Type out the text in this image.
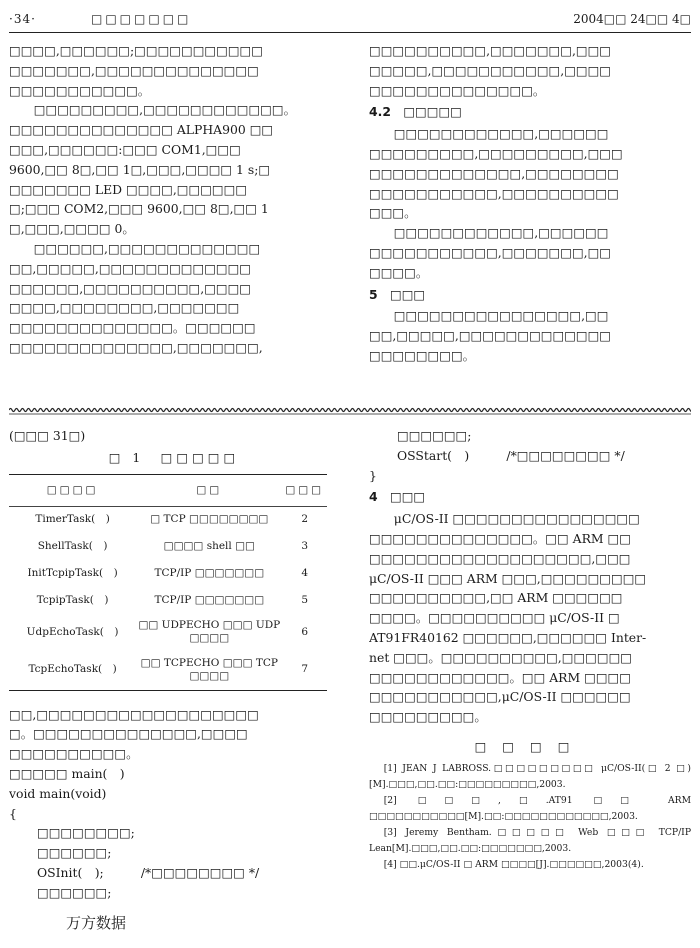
·34·	□□□□□□□	2004□□ 24□□ 4□
□□□□,□□□□□□;□□□□□□□□□□□
□□□□□□□,□□□□□□□□□□□□□□
□□□□□□□□□□□。
　　□□□□□□□□□,□□□□□□□□□□□□。
□□□□□□□□□□□□□□ ALPHA900 □□
□□□,□□□□□□:□□□ COM1,□□□
9600,□□ 8□,□□ 1□,□□□,□□□□ 1 s;□
□□□□□□□ LED □□□□,□□□□□□
□;□□□ COM2,□□□ 9600,□□ 8□,□□ 1
□,□□□,□□□□ 0。
　　□□□□□□,□□□□□□□□□□□□□
□□,□□□□□,□□□□□□□□□□□□□
□□□□□□,□□□□□□□□□□,□□□□
□□□□,□□□□□□□□,□□□□□□□
□□□□□□□□□□□□□□。□□□□□□
□□□□□□□□□□□□□□,□□□□□□□,
□□□□□□□□□□,□□□□□□□,□□□
□□□□□,□□□□□□□□□□□,□□□□
□□□□□□□□□□□□□□。
4.2　□□□□□
　　□□□□□□□□□□□□,□□□□□□
□□□□□□□□□,□□□□□□□□□,□□□
□□□□□□□□□□□□□,□□□□□□□□
□□□□□□□□□□□,□□□□□□□□□□
□□□。
　　□□□□□□□□□□□□,□□□□□□
□□□□□□□□□□□,□□□□□□□,□□
□□□□。
5　□□□
　　□□□□□□□□□□□□□□□□,□□
□□,□□□□□,□□□□□□□□□□□□□
□□□□□□□□。
(□□□ 31□)
□ 1　□□□□□
□□□□	□□	□□□
TimerTask(　)	□ TCP □□□□□□□□	2
ShellTask(　)	□□□□ shell □□	3
InitTcpipTask(　)	TCP/IP □□□□□□□	4
TcpipTask(　)	TCP/IP □□□□□□□	5
UdpEchoTask(　)	□□ UDPECHO □□□ UDP □□□□	6
TcpEchoTask(　)	□□ TCPECHO □□□ TCP □□□□	7
□□,□□□□□□□□□□□□□□□□□□□
□。□□□□□□□□□□□□□□,□□□□
□□□□□□□□□□。
□□□□□ main(　)
void main(void)
{
□□□□□□□□;
□□□□□□;
OSInit(　);　　　/*□□□□□□□□ */
□□□□□□;
□□□□□□;
OSStart(　)　　　/*□□□□□□□□ */
}
4　□□□
　　μC/OS-II □□□□□□□□□□□□□□□□
□□□□□□□□□□□□□□。□□ ARM □□
□□□□□□□□□□□□□□□□□□□,□□□
μC/OS-II □□□ ARM □□□,□□□□□□□□□
□□□□□□□□□□,□□ ARM □□□□□□
□□□□。□□□□□□□□□□ μC/OS-II □
AT91FR40162 □□□□□□,□□□□□□ Inter-
net □□□。□□□□□□□□□□,□□□□□□
□□□□□□□□□□□□。□□ ARM □□□□
□□□□□□□□□□□,μC/OS-II □□□□□□
□□□□□□□□□。
□□□□

[1] JEAN J LABROSS.□□□□□□□□□ μC/OS-II(□ 2 □)[M].□□□,□□.□□:□□□□□□□□□,2003.

[2] □□□,□.AT91 □□ ARM □□□□□□□□□□□[M].□□:□□□□□□□□□□□□,2003.

[3] Jeremy Bentham.□□□□□ Web □□□ TCP/IP Lean[M].□□□,□□.□□:□□□□□□□,2003.

[4] □□.μC/OS-II □ ARM □□□□[J].□□□□□□,2003(4).

万方数据
